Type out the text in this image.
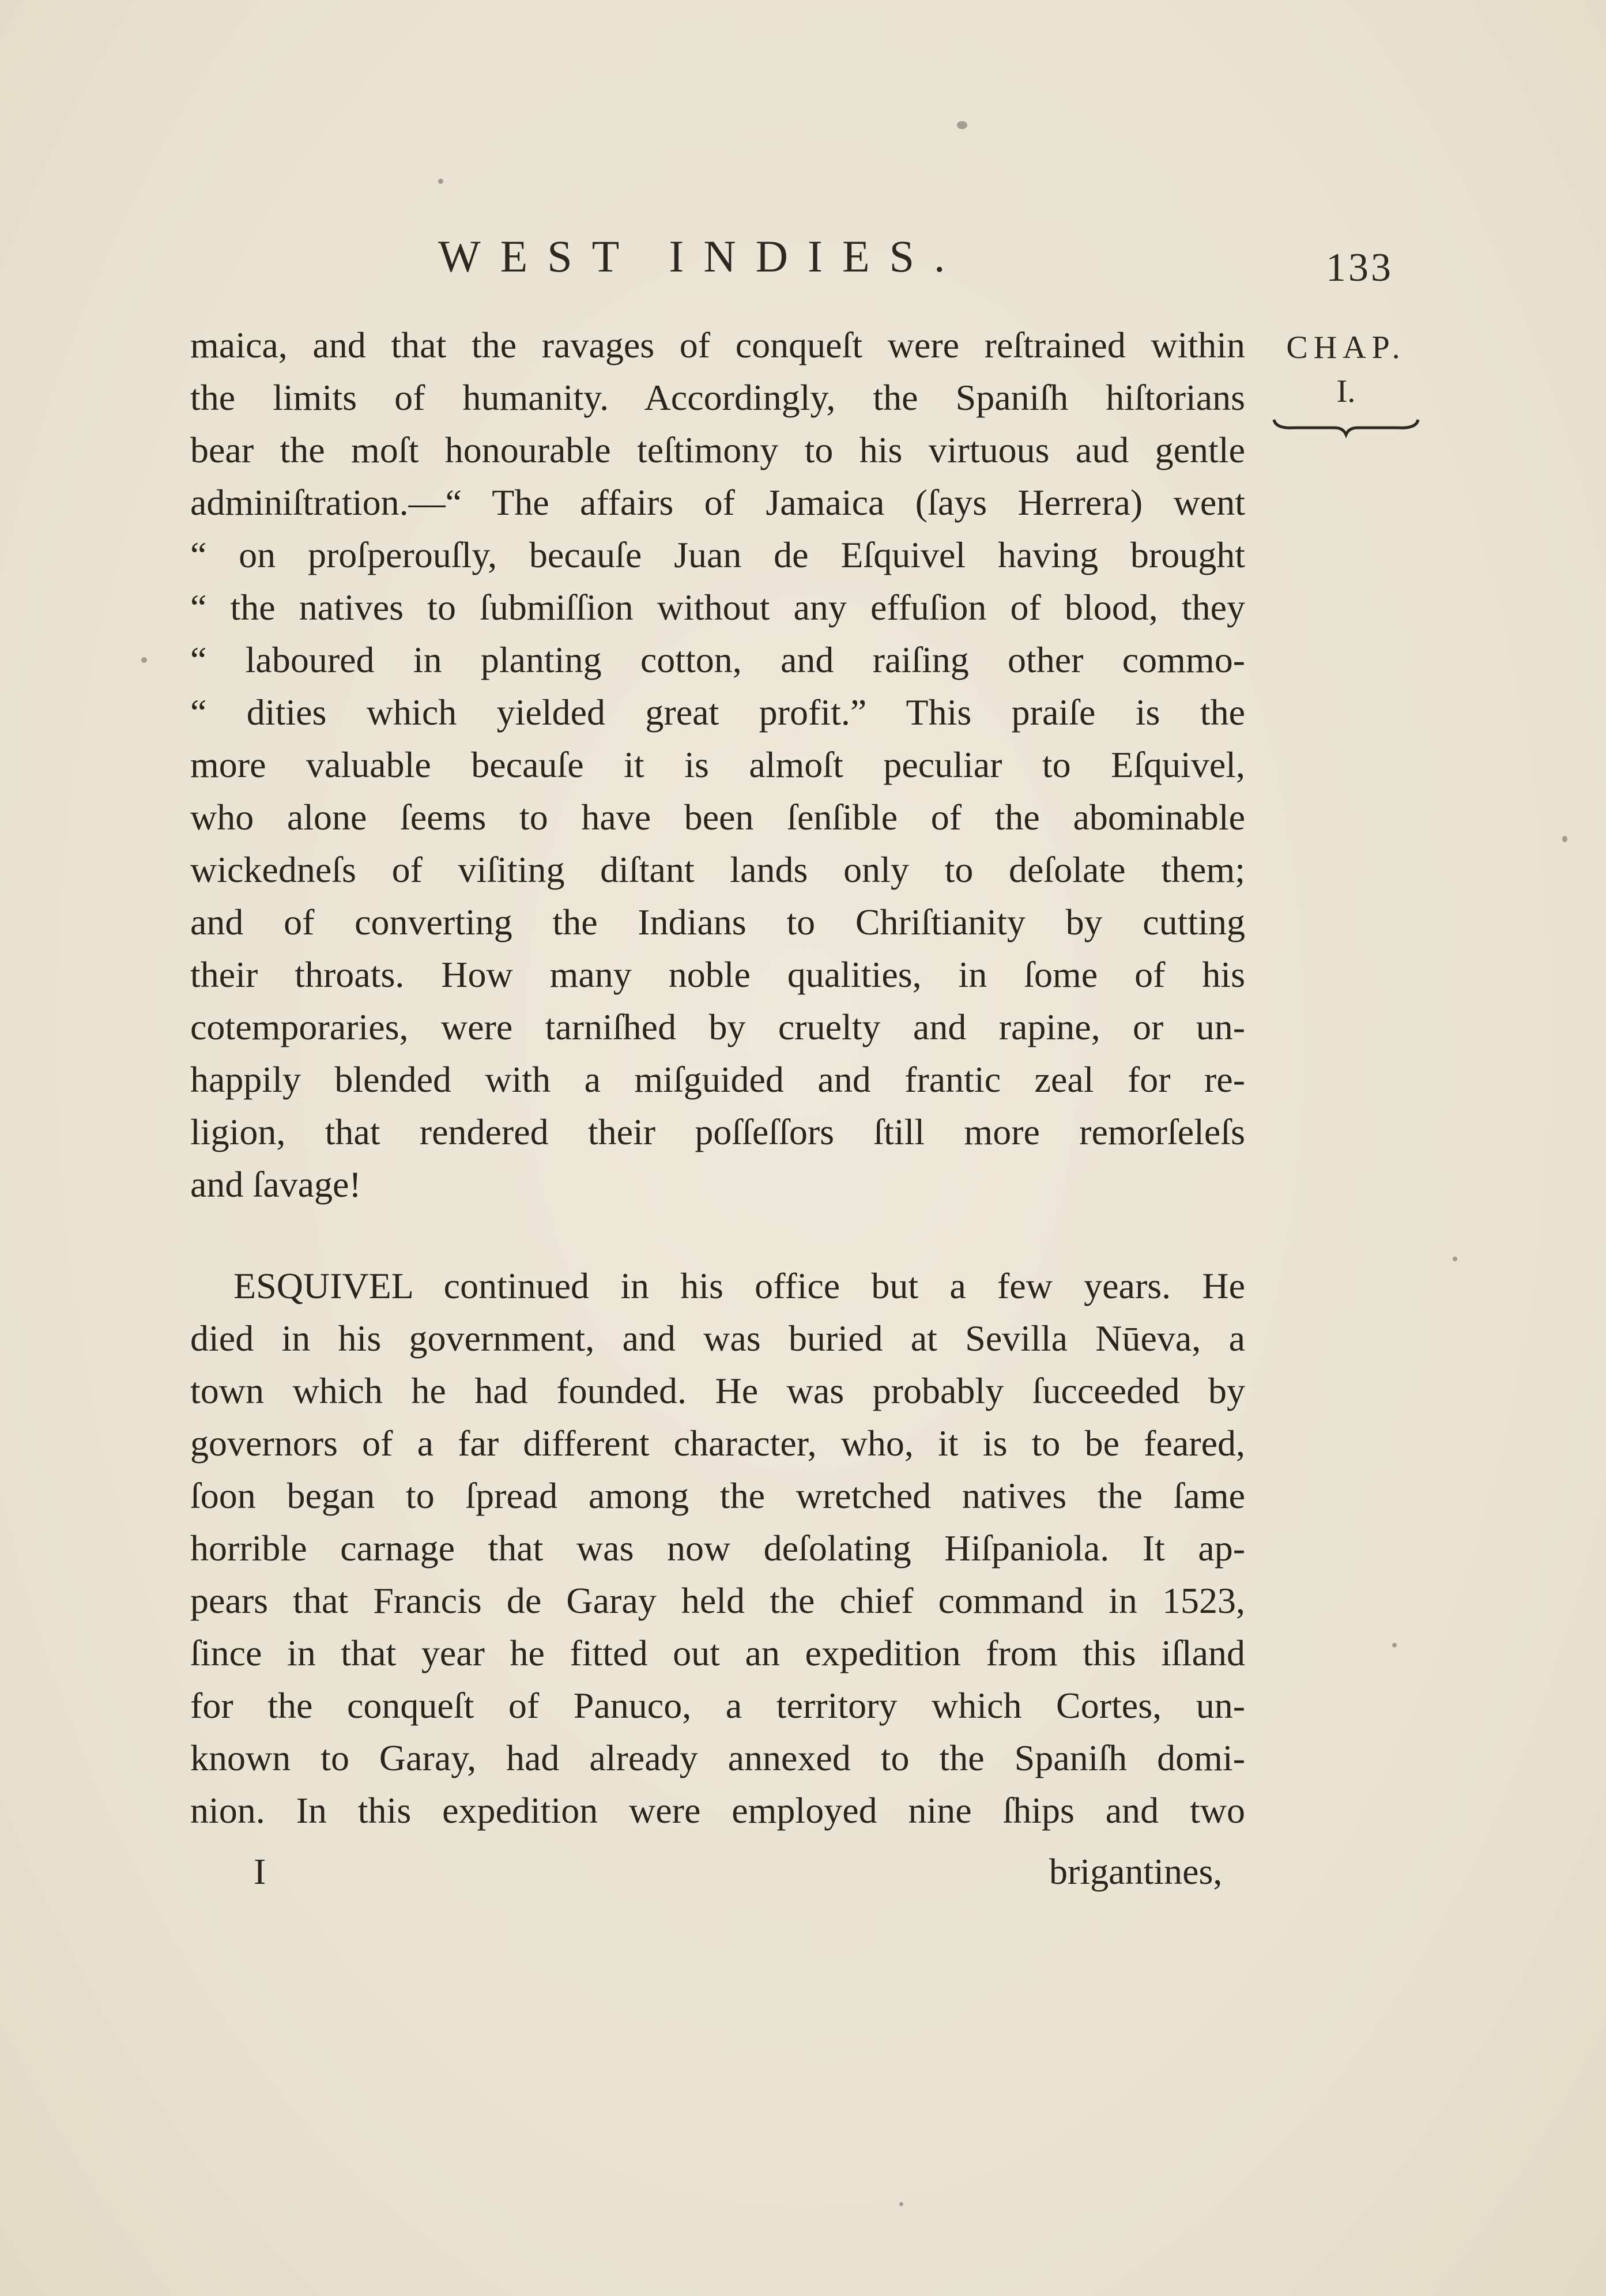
WEST INDIES.	133
CHAP.
I.
maica, and that the ravages of conqueſt were reſtrained within
the limits of humanity. Accordingly, the Spaniſh hiſtorians
bear the moſt honourable teſtimony to his virtuous aud gentle
adminiſtration.—“ The affairs of Jamaica (ſays Herrera) went
“ on proſperouſly, becauſe Juan de Eſquivel having brought
“ the natives to ſubmiſſion without any effuſion of blood, they
“ laboured in planting cotton, and raiſing other commo-
“ dities which yielded great profit.” This praiſe is the
more valuable becauſe it is almoſt peculiar to Eſquivel,
who alone ſeems to have been ſenſible of the abominable
wickedneſs of viſiting diſtant lands only to deſolate them;
and of converting the Indians to Chriſtianity by cutting
their throats. How many noble qualities, in ſome of his
cotemporaries, were tarniſhed by cruelty and rapine, or un-
happily blended with a miſguided and frantic zeal for re-
ligion, that rendered their poſſeſſors ſtill more remorſeleſs
and ſavage!
ESQUIVEL continued in his office but a few years. He
died in his government, and was buried at Sevilla Nūeva, a
town which he had founded. He was probably ſucceeded by
governors of a far different character, who, it is to be feared,
ſoon began to ſpread among the wretched natives the ſame
horrible carnage that was now deſolating Hiſpaniola. It ap-
pears that Francis de Garay held the chief command in 1523,
ſince in that year he fitted out an expedition from this iſland
for the conqueſt of Panuco, a territory which Cortes, un-
known to Garay, had already annexed to the Spaniſh domi-
nion. In this expedition were employed nine ſhips and two
I	brigantines,
